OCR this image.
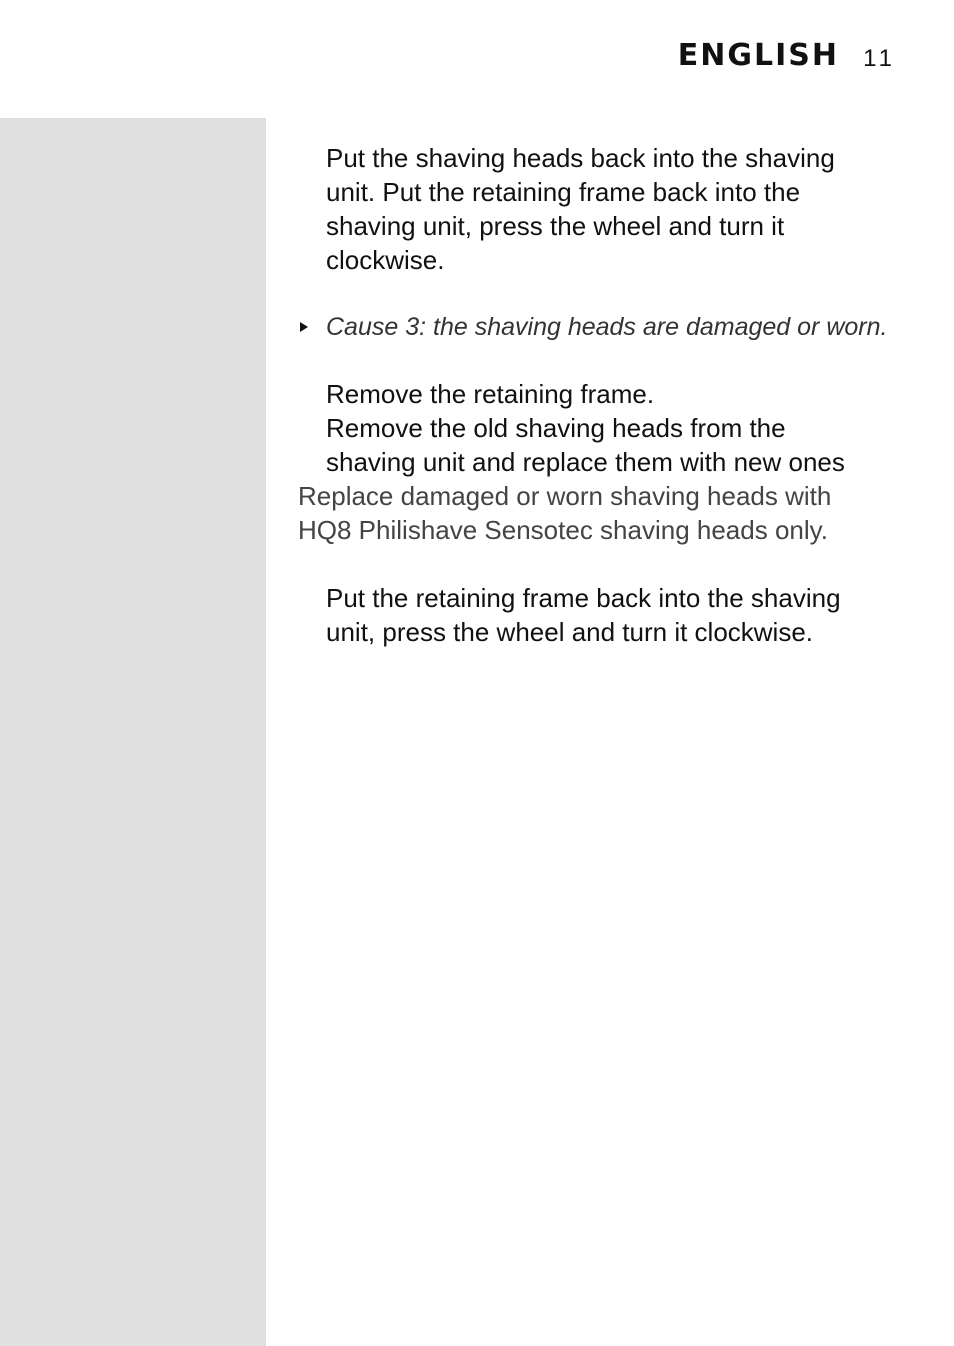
ENGLISH 11

Put the shaving heads back into the shaving
unit. Put the retaining frame back into the
shaving unit, press the wheel and turn it
clockwise.

Cause 3: the shaving heads are damaged or worn.

Remove the retaining frame.

Remove the old shaving heads from the
shaving unit and replace them with new ones

Replace damaged or worn shaving heads with
HQ8 Philishave Sensotec shaving heads only.

Put the retaining frame back into the shaving
unit, press the wheel and turn it clockwise.
